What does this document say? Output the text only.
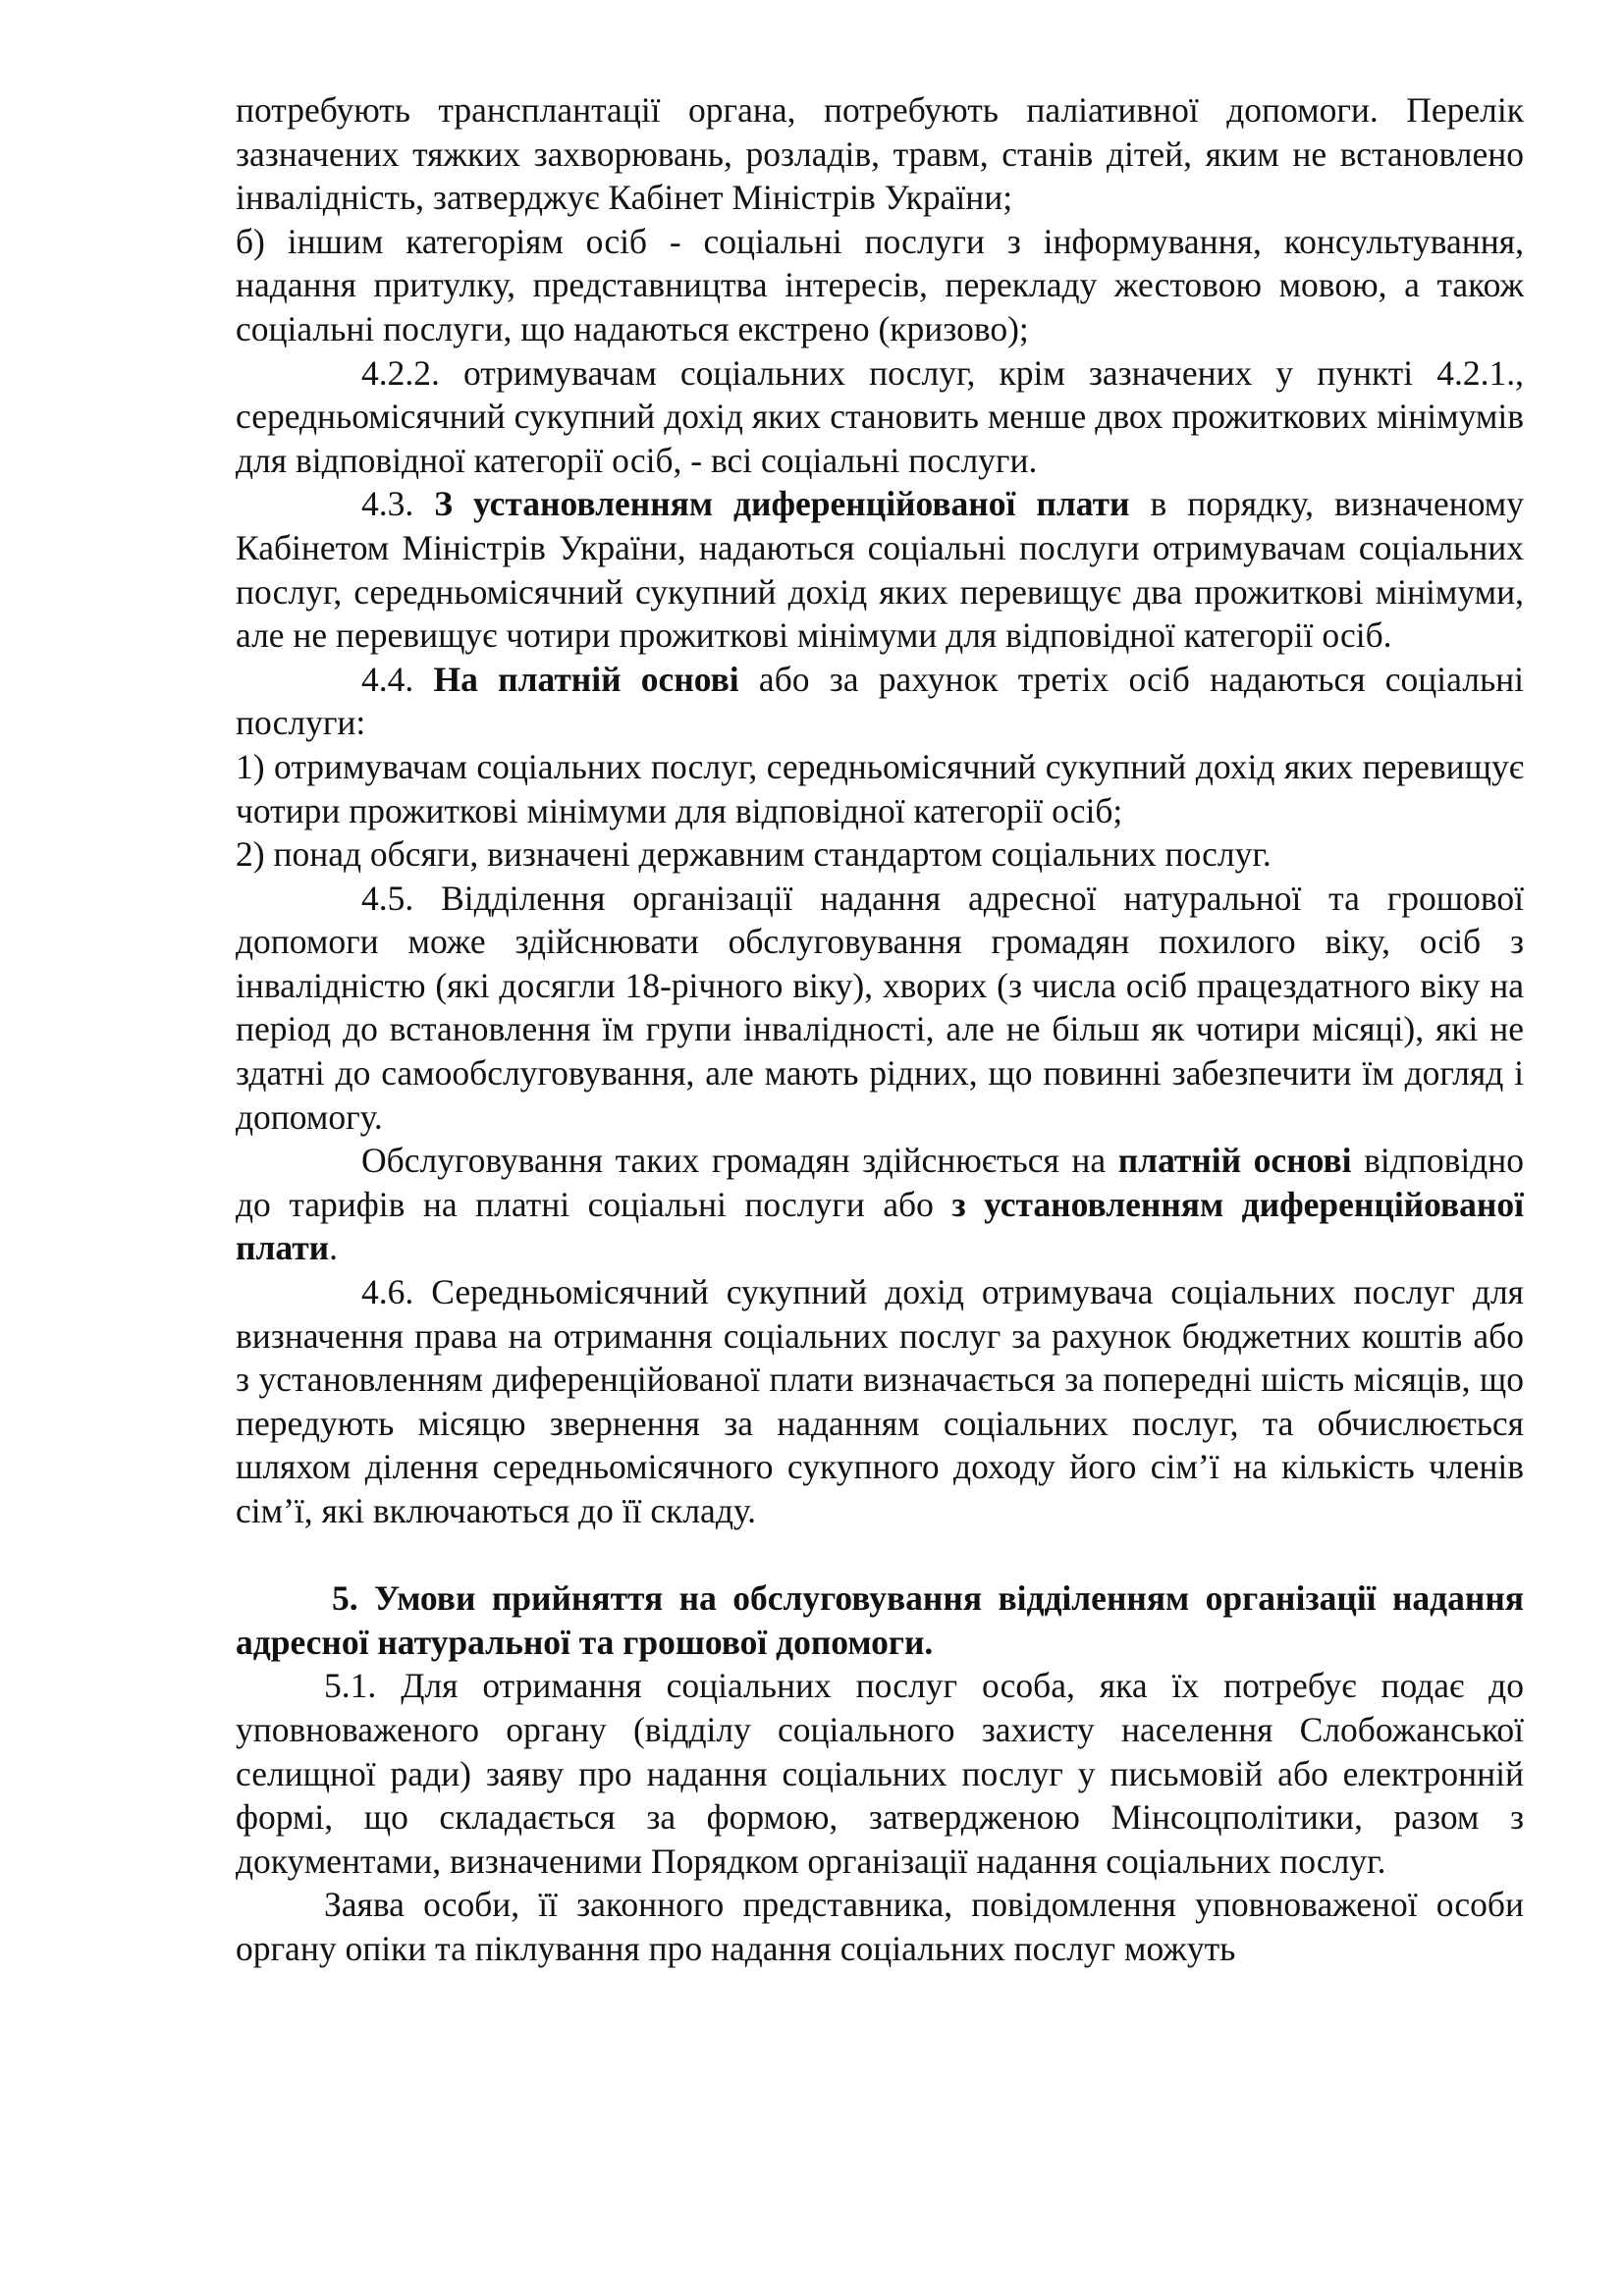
потребують трансплантації органа, потребують паліативної допомоги. Перелік зазначених тяжких захворювань, розладів, травм, станів дітей, яким не встановлено інвалідність, затверджує Кабінет Міністрів України;

б) іншим категоріям осіб - соціальні послуги з інформування, консультування, надання притулку, представництва інтересів, перекладу жестовою мовою, а також соціальні послуги, що надаються екстрено (кризово);

4.2.2. отримувачам соціальних послуг, крім зазначених у пункті 4.2.1., середньомісячний сукупний дохід яких становить менше двох прожиткових мінімумів для відповідної категорії осіб, - всі соціальні послуги.

4.3. З установленням диференційованої плати в порядку, визначеному Кабінетом Міністрів України, надаються соціальні послуги отримувачам соціальних послуг, середньомісячний сукупний дохід яких перевищує два прожиткові мінімуми, але не перевищує чотири прожиткові мінімуми для відповідної категорії осіб.

4.4. На платній основі або за рахунок третіх осіб надаються соціальні послуги:

1) отримувачам соціальних послуг, середньомісячний сукупний дохід яких перевищує чотири прожиткові мінімуми для відповідної категорії осіб;

2) понад обсяги, визначені державним стандартом соціальних послуг.

4.5. Відділення організації надання адресної натуральної та грошової допомоги може здійснювати обслуговування громадян похилого віку, осіб з інвалідністю (які досягли 18-річного віку), хворих (з числа осіб працездатного віку на період до встановлення їм групи інвалідності, але не більш як чотири місяці), які не здатні до самообслуговування, але мають рідних, що повинні забезпечити їм догляд і допомогу.

Обслуговування таких громадян здійснюється на платній основі відповідно до тарифів на платні соціальні послуги або з установленням диференційованої плати.

4.6. Середньомісячний сукупний дохід отримувача соціальних послуг для визначення права на отримання соціальних послуг за рахунок бюджетних коштів або з установленням диференційованої плати визначається за попередні шість місяців, що передують місяцю звернення за наданням соціальних послуг, та обчислюється шляхом ділення середньомісячного сукупного доходу його сім’ї на кількість членів сім’ї, які включаються до її складу.

5. Умови прийняття на обслуговування відділенням організації надання адресної натуральної та грошової допомоги.

5.1. Для отримання соціальних послуг особа, яка їх потребує подає до уповноваженого органу (відділу соціального захисту населення Слобожанської селищної ради) заяву про надання соціальних послуг у письмовій або електронній формі, що складається за формою, затвердженою Мінсоцполітики, разом з документами, визначеними Порядком організації надання соціальних послуг.

Заява особи, її законного представника, повідомлення уповноваженої особи органу опіки та піклування про надання соціальних послуг можуть
